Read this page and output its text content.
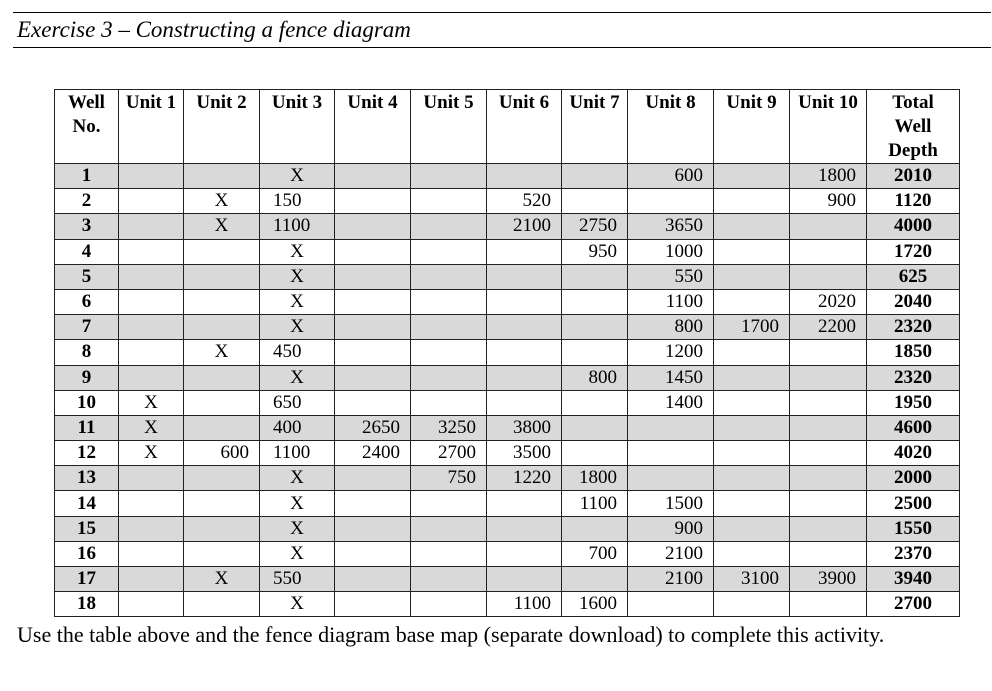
Exercise 3 – Constructing a fence diagram
Well No.	Unit 1	Unit 2	Unit 3	Unit 4	Unit 5	Unit 6	Unit 7	Unit 8	Unit 9	Unit 10	Total Well Depth

1			X					600		1800	2010
2		X	150			520				900	1120
3		X	1100			2100	2750	3650			4000
4			X				950	1000			1720
5			X					550			625
6			X					1100		2020	2040
7			X					800	1700	2200	2320
8		X	450					1200			1850
9			X				800	1450			2320
10	X		650					1400			1950
11	X		400	2650	3250	3800					4600
12	X	600	1100	2400	2700	3500					4020
13			X		750	1220	1800				2000
14			X				1100	1500			2500
15			X					900			1550
16			X				700	2100			2370
17		X	550					2100	3100	3900	3940
18			X			1100	1600				2700
Use the table above and the fence diagram base map (separate download) to complete this activity.
